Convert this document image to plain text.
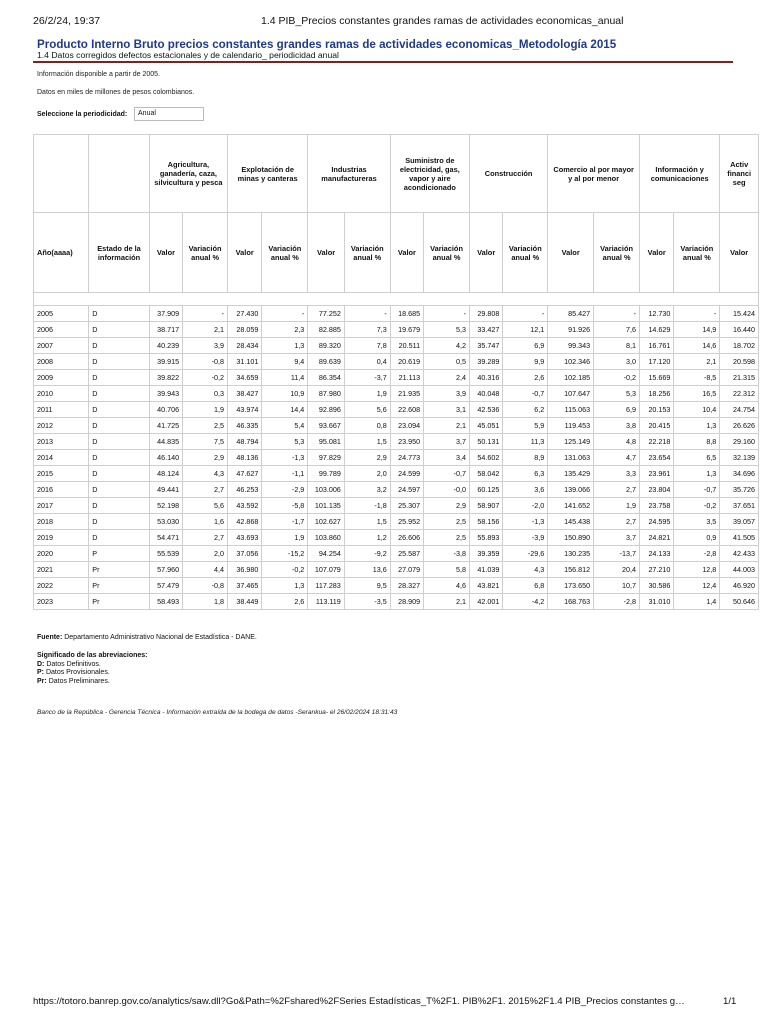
26/2/24, 19:37	1.4 PIB_Precios constantes grandes ramas de actividades economicas_anual
Producto Interno Bruto precios constantes grandes ramas de actividades economicas_Metodología 2015
1.4 Datos corregidos defectos estacionales y de calendario_ periodicidad anual
Información disponible a partir de 2005.
Datos en miles de millones de pesos colombianos.
Seleccione la periodicidad:	Anual
		Agricultura, ganadería, caza, silvicultura y pesca		Explotación de minas y canteras		Industrias manufactureras		Suministro de electricidad, gas, vapor y aire acondicionado		Construcción		Comercio al por mayor y al por menor		Información y comunicaciones		Activ financi seg
Año(aaaa)	Estado de la información	Valor	Variación anual %	Valor	Variación anual %	Valor	Variación anual %	Valor	Variación anual %	Valor	Variación anual %	Valor	Variación anual %	Valor	Variación anual %	Valor

2005	D	37.909	-	27.430	-	77.252	-	18.685	-	29.808	-	85.427	-	12.730	-	15.424
2006	D	38.717	2,1	28.059	2,3	82.885	7,3	19.679	5,3	33.427	12,1	91.926	7,6	14.629	14,9	16.440
2007	D	40.239	3,9	28.434	1,3	89.320	7,8	20.511	4,2	35.747	6,9	99.343	8,1	16.761	14,6	18.702
2008	D	39.915	-0,8	31.101	9,4	89.639	0,4	20.619	0,5	39.289	9,9	102.346	3,0	17.120	2,1	20.598
2009	D	39.822	-0,2	34.659	11,4	86.354	-3,7	21.113	2,4	40.316	2,6	102.185	-0,2	15.669	-8,5	21.315
2010	D	39.943	0,3	38.427	10,9	87.980	1,9	21.935	3,9	40.048	-0,7	107.647	5,3	18.256	16,5	22.312
2011	D	40.706	1,9	43.974	14,4	92.896	5,6	22.608	3,1	42.536	6,2	115.063	6,9	20.153	10,4	24.754
2012	D	41.725	2,5	46.335	5,4	93.667	0,8	23.094	2,1	45.051	5,9	119.453	3,8	20.415	1,3	26.626
2013	D	44.835	7,5	48.794	5,3	95.081	1,5	23.950	3,7	50.131	11,3	125.149	4,8	22.218	8,8	29.160
2014	D	46.140	2,9	48.136	-1,3	97.829	2,9	24.773	3,4	54.602	8,9	131.063	4,7	23.654	6,5	32.139
2015	D	48.124	4,3	47.627	-1,1	99.789	2,0	24.599	-0,7	58.042	6,3	135.429	3,3	23.961	1,3	34.696
2016	D	49.441	2,7	46.253	-2,9	103.006	3,2	24.597	-0,0	60.125	3,6	139.066	2,7	23.804	-0,7	35.726
2017	D	52.198	5,6	43.592	-5,8	101.135	-1,8	25.307	2,9	58.907	-2,0	141.652	1,9	23.758	-0,2	37.651
2018	D	53.030	1,6	42.868	-1,7	102.627	1,5	25.952	2,5	58.156	-1,3	145.438	2,7	24.595	3,5	39.057
2019	D	54.471	2,7	43.693	1,9	103.860	1,2	26.606	2,5	55.893	-3,9	150.890	3,7	24.821	0,9	41.505
2020	P	55.539	2,0	37.056	-15,2	94.254	-9,2	25.587	-3,8	39.359	-29,6	130.235	-13,7	24.133	-2,8	42.433
2021	Pr	57.960	4,4	36.980	-0,2	107.079	13,6	27.079	5,8	41.039	4,3	156.812	20,4	27.210	12,8	44.003
2022	Pr	57.479	-0,8	37.465	1,3	117.283	9,5	28.327	4,6	43.821	6,8	173.650	10,7	30.586	12,4	46.920
2023	Pr	58.493	1,8	38.449	2,6	113.119	-3,5	28.909	2,1	42.001	-4,2	168.763	-2,8	31.010	1,4	50.646
Fuente: Departamento Administrativo Nacional de Estadística - DANE.
Significado de las abreviaciones:
D: Datos Definitivos.
P: Datos Provisionales.
Pr: Datos Preliminares.
Banco de la República - Gerencia Técnica - Información extraída de la bodega de datos -Serankua- el 26/02/2024 18:31:43
https://totoro.banrep.gov.co/analytics/saw.dll?Go&Path=%2Fshared%2FSeries Estadísticas_T%2F1. PIB%2F1. 2015%2F1.4 PIB_Precios constantes g…	1/1
